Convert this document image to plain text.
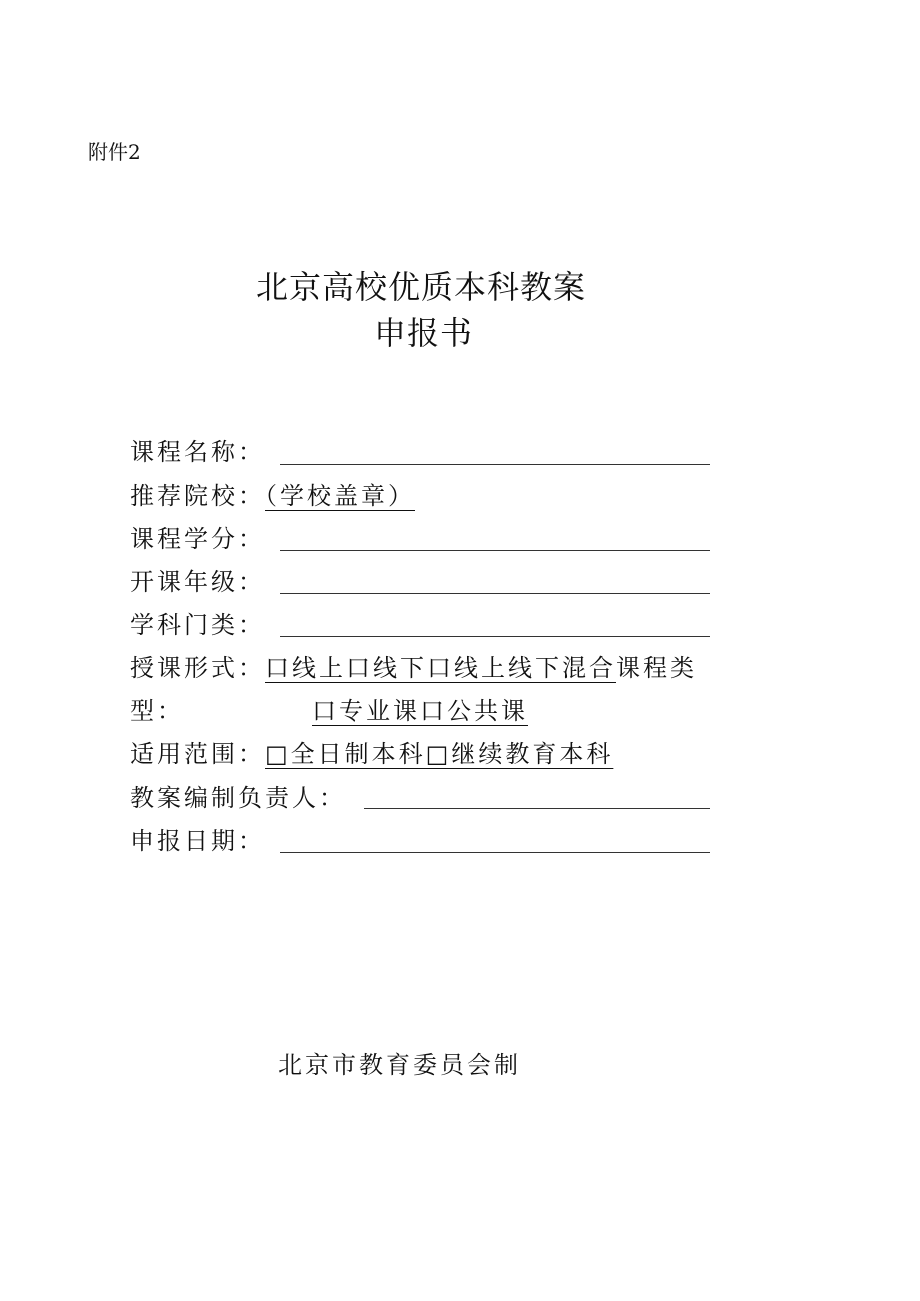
附件2
北京高校优质本科教案
申报书
课程名称：
推荐院校：（学校盖章）
课程学分：
开课年级：
学科门类：
授课形式：口线上口线下口线上线下混合课程类
型：	口专业课口公共课
适用范围：□全日制本科□继续教育本科
教案编制负责人：
申报日期：
北京市教育委员会制
